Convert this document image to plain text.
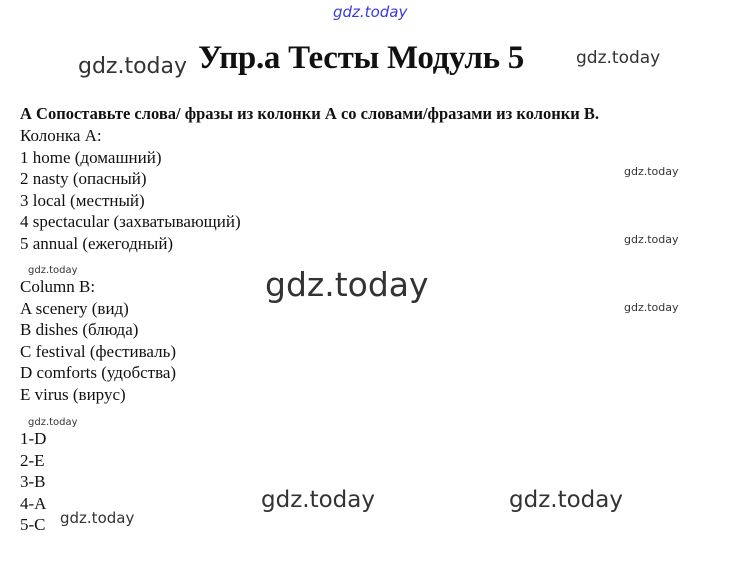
gdz.today
gdz.today	gdz.today
gdz.today
gdz.today
gdz.today
gdz.today
gdz.today
gdz.today
gdz.today
gdz.today	gdz.today
Упр.а Тесты Модуль 5
А Сопоставьте слова/ фразы из колонки А со словами/фразами из колонки В.
Колонка А:
1 home (домашний)
2 nasty (опасный)
3 local (местный)
4 spectacular (захватывающий)
5 annual (ежегодный)
Column B:
A scenery (вид)
B dishes (блюда)
C festival (фестиваль)
D comforts (удобства)
E virus (вирус)
1-D
2-E
3-B
4-A
5-C
